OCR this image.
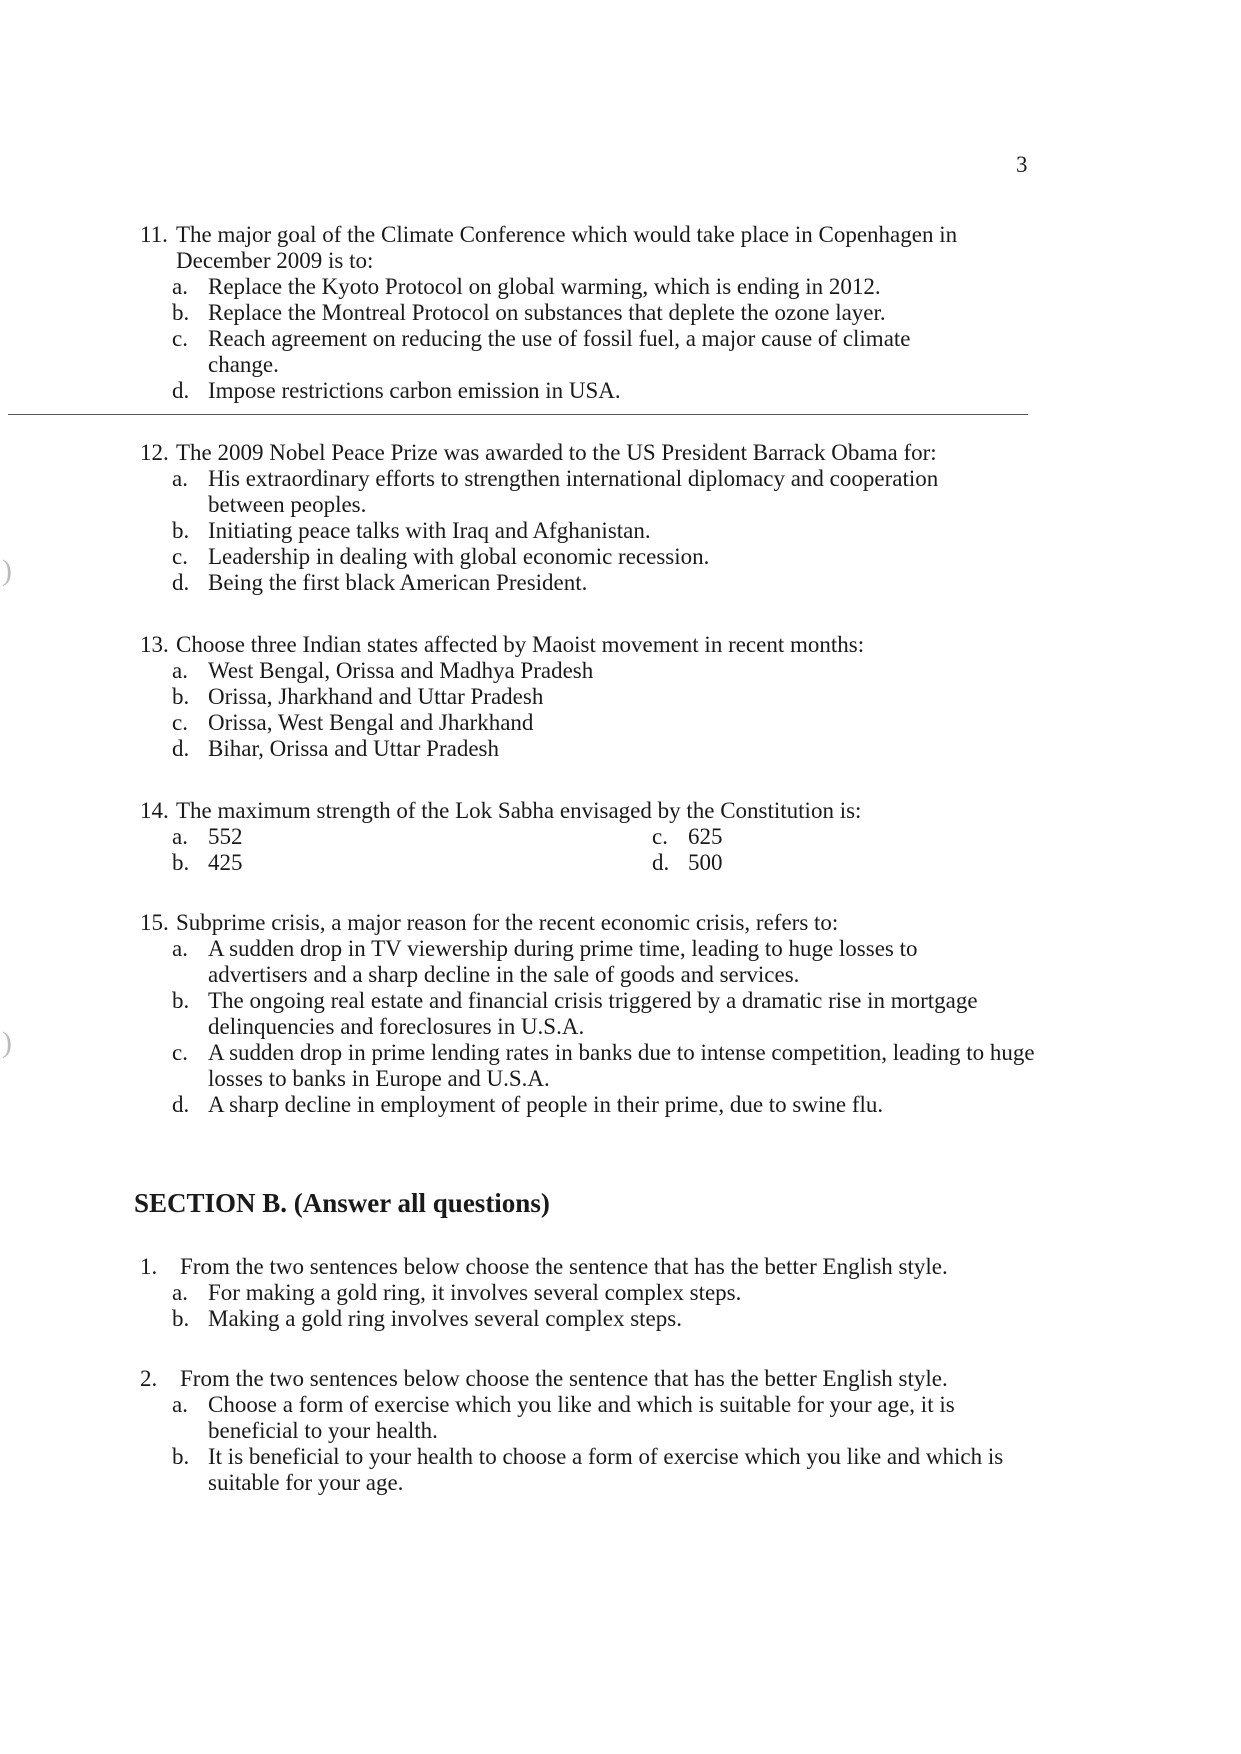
3
11. The major goal of the Climate Conference which would take place in Copenhagen in December 2009 is to:
a. Replace the Kyoto Protocol on global warming, which is ending in 2012.
b. Replace the Montreal Protocol on substances that deplete the ozone layer.
c. Reach agreement on reducing the use of fossil fuel, a major cause of climate change.
d. Impose restrictions carbon emission in USA.
12. The 2009 Nobel Peace Prize was awarded to the US President Barrack Obama for:
a. His extraordinary efforts to strengthen international diplomacy and cooperation between peoples.
b. Initiating peace talks with Iraq and Afghanistan.
c. Leadership in dealing with global economic recession.
d. Being the first black American President.
13. Choose three Indian states affected by Maoist movement in recent months:
a. West Bengal, Orissa and Madhya Pradesh
b. Orissa, Jharkhand and Uttar Pradesh
c. Orissa, West Bengal and Jharkhand
d. Bihar, Orissa and Uttar Pradesh
14. The maximum strength of the Lok Sabha envisaged by the Constitution is:
a. 552	c. 625
b. 425	d. 500
15. Subprime crisis, a major reason for the recent economic crisis, refers to:
a. A sudden drop in TV viewership during prime time, leading to huge losses to advertisers and a sharp decline in the sale of goods and services.
b. The ongoing real estate and financial crisis triggered by a dramatic rise in mortgage delinquencies and foreclosures in U.S.A.
c. A sudden drop in prime lending rates in banks due to intense competition, leading to huge losses to banks in Europe and U.S.A.
d. A sharp decline in employment of people in their prime, due to swine flu.
SECTION B. (Answer all questions)
1. From the two sentences below choose the sentence that has the better English style.
a. For making a gold ring, it involves several complex steps.
b. Making a gold ring involves several complex steps.
2. From the two sentences below choose the sentence that has the better English style.
a. Choose a form of exercise which you like and which is suitable for your age, it is beneficial to your health.
b. It is beneficial to your health to choose a form of exercise which you like and which is suitable for your age.
)
)
